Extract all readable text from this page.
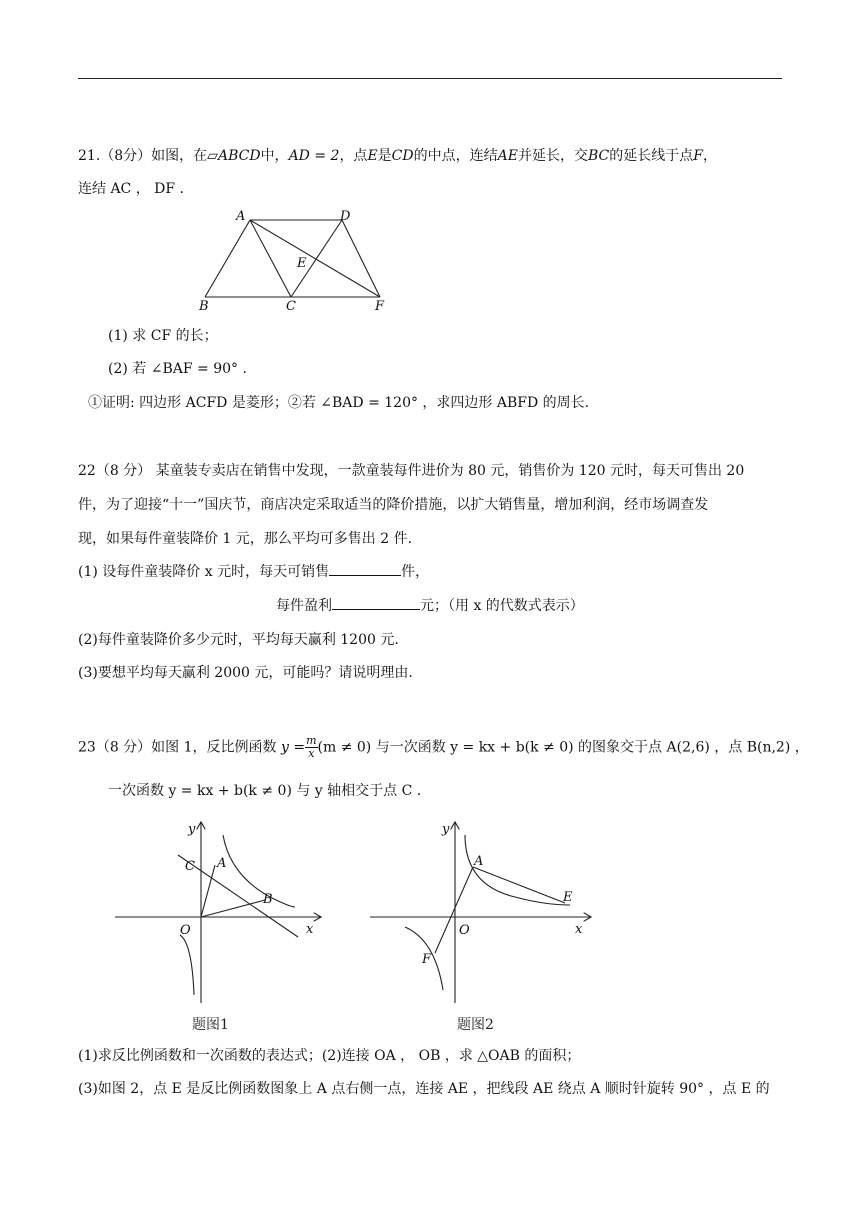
21.（8分）如图，在▱ABCD中，AD = 2，点E是CD的中点，连结AE并延长，交BC的延长线于点F，
连结 AC ， DF .
A	D
E
B	C	F
(1) 求 CF 的长；
(2) 若 ∠BAF = 90° .
①证明: 四边形 ACFD 是菱形；②若 ∠BAD = 120° ，求四边形 ABFD 的周长.
22（8 分） 某童装专卖店在销售中发现，一款童装每件进价为 80 元，销售价为 120 元时，每天可售出 20
件，为了迎接“十一”国庆节，商店决定采取适当的降价措施，以扩大销售量，增加利润，经市场调查发
现，如果每件童装降价 1 元，那么平均可多售出 2 件.
(1) 设每件童装降价 x 元时，每天可销售	件，
每件盈利	元；（用 x 的代数式表示）
(2)每件童装降价多少元时，平均每天赢利 1200 元.
(3)要想平均每天赢利 2000 元，可能吗？请说明理由.
23（8 分）如图 1，反比例函数 $y = \frac{m}{x} (m \ne 0)$ 与一次函数 y = kx + b(k ≠ 0) 的图象交于点 A(2,6) ，点 B(n,2) ，
一次函数 y = kx + b(k ≠ 0) 与 y 轴相交于点 C .
y
x
C A
B
O
题图1
y
x
A
E
O
F
题图2
(1)求反比例函数和一次函数的表达式；(2)连接 OA ， OB ，求 △OAB 的面积；
(3)如图 2，点 E 是反比例函数图象上 A 点右侧一点，连接 AE ，把线段 AE 绕点 A 顺时针旋转 90° ，点 E 的
